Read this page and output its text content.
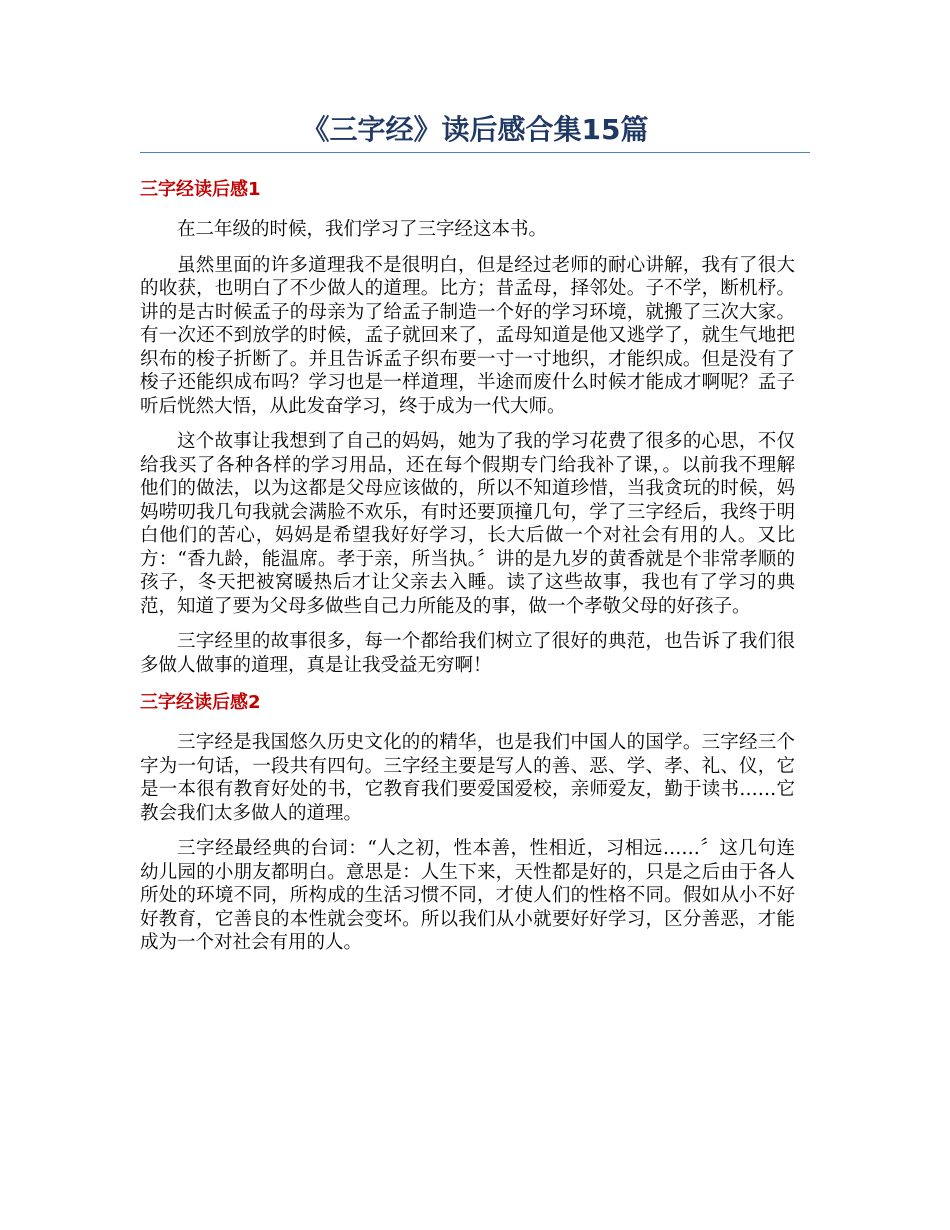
《三字经》读后感合集15篇
三字经读后感1

在二年级的时候，我们学习了三字经这本书。

虽然里面的许多道理我不是很明白，但是经过老师的耐心讲解，我有了很大的收获，也明白了不少做人的道理。比方；昔孟母，择邻处。子不学，断机杼。讲的是古时候孟子的母亲为了给孟子制造一个好的学习环境，就搬了三次大家。有一次还不到放学的时候，孟子就回来了，孟母知道是他又逃学了，就生气地把织布的梭子折断了。并且告诉孟子织布要一寸一寸地织，才能织成。但是没有了梭子还能织成布吗？学习也是一样道理，半途而废什么时候才能成才啊呢？孟子听后恍然大悟，从此发奋学习，终于成为一代大师。

这个故事让我想到了自己的妈妈，她为了我的学习花费了很多的心思，不仅给我买了各种各样的学习用品，还在每个假期专门给我补了课，。以前我不理解他们的做法，以为这都是父母应该做的，所以不知道珍惜，当我贪玩的时候，妈妈唠叨我几句我就会满脸不欢乐，有时还要顶撞几句，学了三字经后，我终于明白他们的苦心，妈妈是希望我好好学习，长大后做一个对社会有用的人。又比方：“香九龄，能温席。孝于亲，所当执。〞讲的是九岁的黄香就是个非常孝顺的孩子，冬天把被窝暖热后才让父亲去入睡。读了这些故事，我也有了学习的典范，知道了要为父母多做些自己力所能及的事，做一个孝敬父母的好孩子。

三字经里的故事很多，每一个都给我们树立了很好的典范，也告诉了我们很多做人做事的道理，真是让我受益无穷啊！

三字经读后感2

三字经是我国悠久历史文化的的精华，也是我们中国人的国学。三字经三个字为一句话，一段共有四句。三字经主要是写人的善、恶、学、孝、礼、仪，它是一本很有教育好处的书，它教育我们要爱国爱校，亲师爱友，勤于读书……它教会我们太多做人的道理。

三字经最经典的台词：“人之初，性本善，性相近，习相远……〞这几句连幼儿园的小朋友都明白。意思是：人生下来，天性都是好的，只是之后由于各人所处的环境不同，所构成的生活习惯不同，才使人们的性格不同。假如从小不好好教育，它善良的本性就会变坏。所以我们从小就要好好学习，区分善恶，才能成为一个对社会有用的人。
